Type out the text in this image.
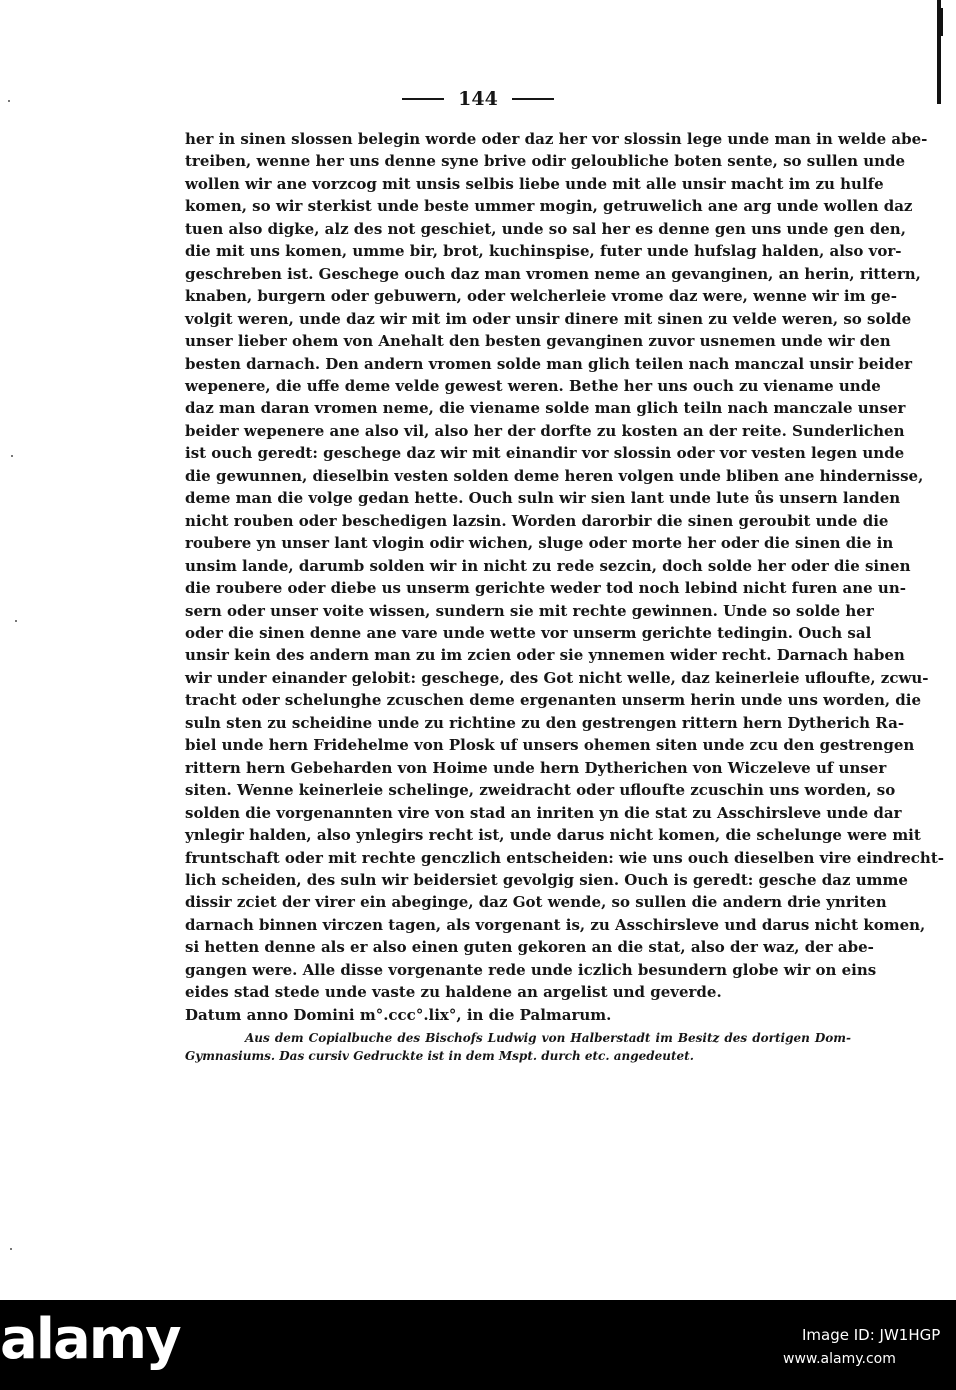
144
her in sinen slossen belegin worde oder daz her vor slossin lege unde man in welde abe-
treiben, wenne her uns denne syne brive odir geloubliche boten sente, so sullen unde
wollen wir ane vorzcog mit unsis selbis liebe unde mit alle unsir macht im zu hulfe
komen, so wir sterkist unde beste ummer mogin, getruwelich ane arg unde wollen daz
tuen also digke, alz des not geschiet, unde so sal her es denne gen uns unde gen den,
die mit uns komen, umme bir, brot, kuchinspise, futer unde hufslag halden, also vor-
geschreben ist. Geschege ouch daz man vromen neme an gevanginen, an herin, rittern,
knaben, burgern oder gebuwern, oder welcherleie vrome daz were, wenne wir im ge-
volgit weren, unde daz wir mit im oder unsir dinere mit sinen zu velde weren, so solde
unser lieber ohem von Anehalt den besten gevanginen zuvor usnemen unde wir den
besten darnach. Den andern vromen solde man glich teilen nach manczal unsir beider
wepenere, die uffe deme velde gewest weren. Bethe her uns ouch zu viename unde
daz man daran vromen neme, die viename solde man glich teiln nach manczale unser
beider wepenere ane also vil, also her der dorfte zu kosten an der reite. Sunderlichen
ist ouch geredt: geschege daz wir mit einandir vor slossin oder vor vesten legen unde
die gewunnen, dieselbin vesten solden deme heren volgen unde bliben ane hindernisse,
deme man die volge gedan hette. Ouch suln wir sien lant unde lute ůs unsern landen
nicht rouben oder beschedigen lazsin. Worden darorbir die sinen geroubit unde die
roubere yn unser lant vlogin odir wichen, sluge oder morte her oder die sinen die in
unsim lande, darumb solden wir in nicht zu rede sezcin, doch solde her oder die sinen
die roubere oder diebe us unserm gerichte weder tod noch lebind nicht furen ane un-
sern oder unser voite wissen, sundern sie mit rechte gewinnen. Unde so solde her
oder die sinen denne ane vare unde wette vor unserm gerichte tedingin. Ouch sal
unsir kein des andern man zu im zcien oder sie ynnemen wider recht. Darnach haben
wir under einander gelobit: geschege, des Got nicht welle, daz keinerleie ufloufte, zcwu-
tracht oder schelunghe zcuschen deme ergenanten unserm herin unde uns worden, die
suln sten zu scheidine unde zu richtine zu den gestrengen rittern hern Dytherich Ra-
biel unde hern Fridehelme von Plosk uf unsers ohemen siten unde zcu den gestrengen
rittern hern Gebeharden von Hoime unde hern Dytherichen von Wiczeleve uf unser
siten. Wenne keinerleie schelinge, zweidracht oder ufloufte zcuschin uns worden, so
solden die vorgenannten vire von stad an inriten yn die stat zu Asschirsleve unde dar
ynlegir halden, also ynlegirs recht ist, unde darus nicht komen, die schelunge were mit
fruntschaft oder mit rechte genczlich entscheiden: wie uns ouch dieselben vire eindrecht-
lich scheiden, des suln wir beidersiet gevolgig sien. Ouch is geredt: gesche daz umme
dissir zciet der virer ein abeginge, daz Got wende, so sullen die andern drie ynriten
darnach binnen virczen tagen, als vorgenant is, zu Asschirsleve und darus nicht komen,
si hetten denne als er also einen guten gekoren an die stat, also der waz, der abe-
gangen were. Alle disse vorgenante rede unde iczlich besundern globe wir on eins
eides stad stede unde vaste zu haldene an argelist und geverde.
Datum anno Domini m°.ccc°.lix°, in die Palmarum.
Aus dem Copialbuche des Bischofs Ludwig von Halberstadt im Besitz des dortigen Dom-
Gymnasiums. Das cursiv Gedruckte ist in dem Mspt. durch etc. angedeutet.
alamy	Image ID: JW1HGP
www.alamy.com
